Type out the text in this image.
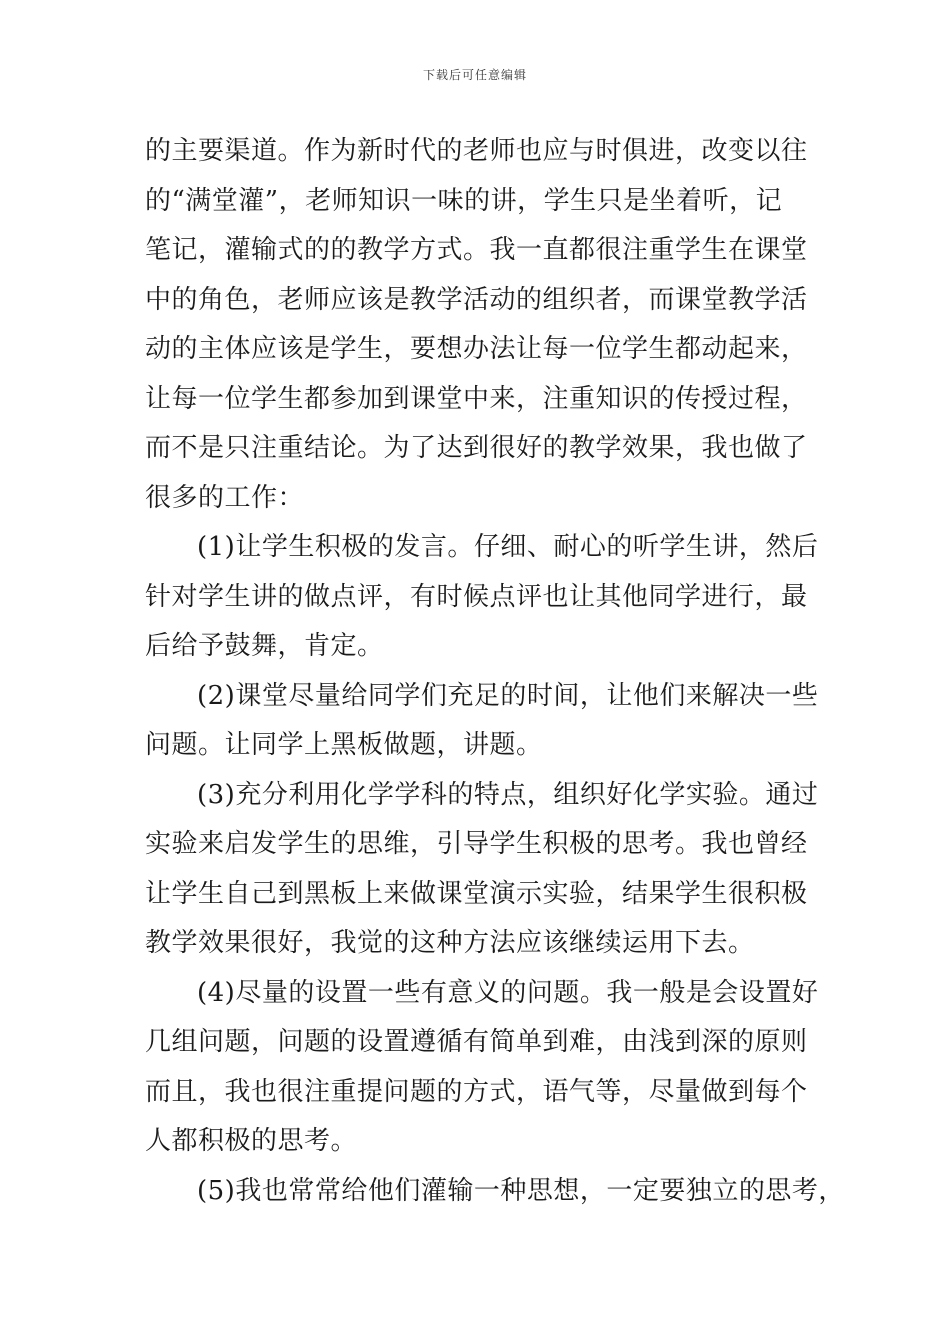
下载后可任意编辑
的主要渠道。作为新时代的老师也应与时俱进，改变以往
的“满堂灌”，老师知识一味的讲，学生只是坐着听，记
笔记，灌输式的的教学方式。我一直都很注重学生在课堂
中的角色，老师应该是教学活动的组织者，而课堂教学活
动的主体应该是学生，要想办法让每一位学生都动起来，
让每一位学生都参加到课堂中来，注重知识的传授过程，
而不是只注重结论。为了达到很好的教学效果，我也做了
很多的工作：
(1)让学生积极的发言。仔细、耐心的听学生讲，然后
针对学生讲的做点评，有时候点评也让其他同学进行，最
后给予鼓舞，肯定。
(2)课堂尽量给同学们充足的时间，让他们来解决一些
问题。让同学上黑板做题，讲题。
(3)充分利用化学学科的特点，组织好化学实验。通过
实验来启发学生的思维，引导学生积极的思考。我也曾经
让学生自己到黑板上来做课堂演示实验，结果学生很积极
教学效果很好，我觉的这种方法应该继续运用下去。
(4)尽量的设置一些有意义的问题。我一般是会设置好
几组问题，问题的设置遵循有简单到难，由浅到深的原则
而且，我也很注重提问题的方式，语气等，尽量做到每个
人都积极的思考。
(5)我也常常给他们灌输一种思想，一定要独立的思考，
